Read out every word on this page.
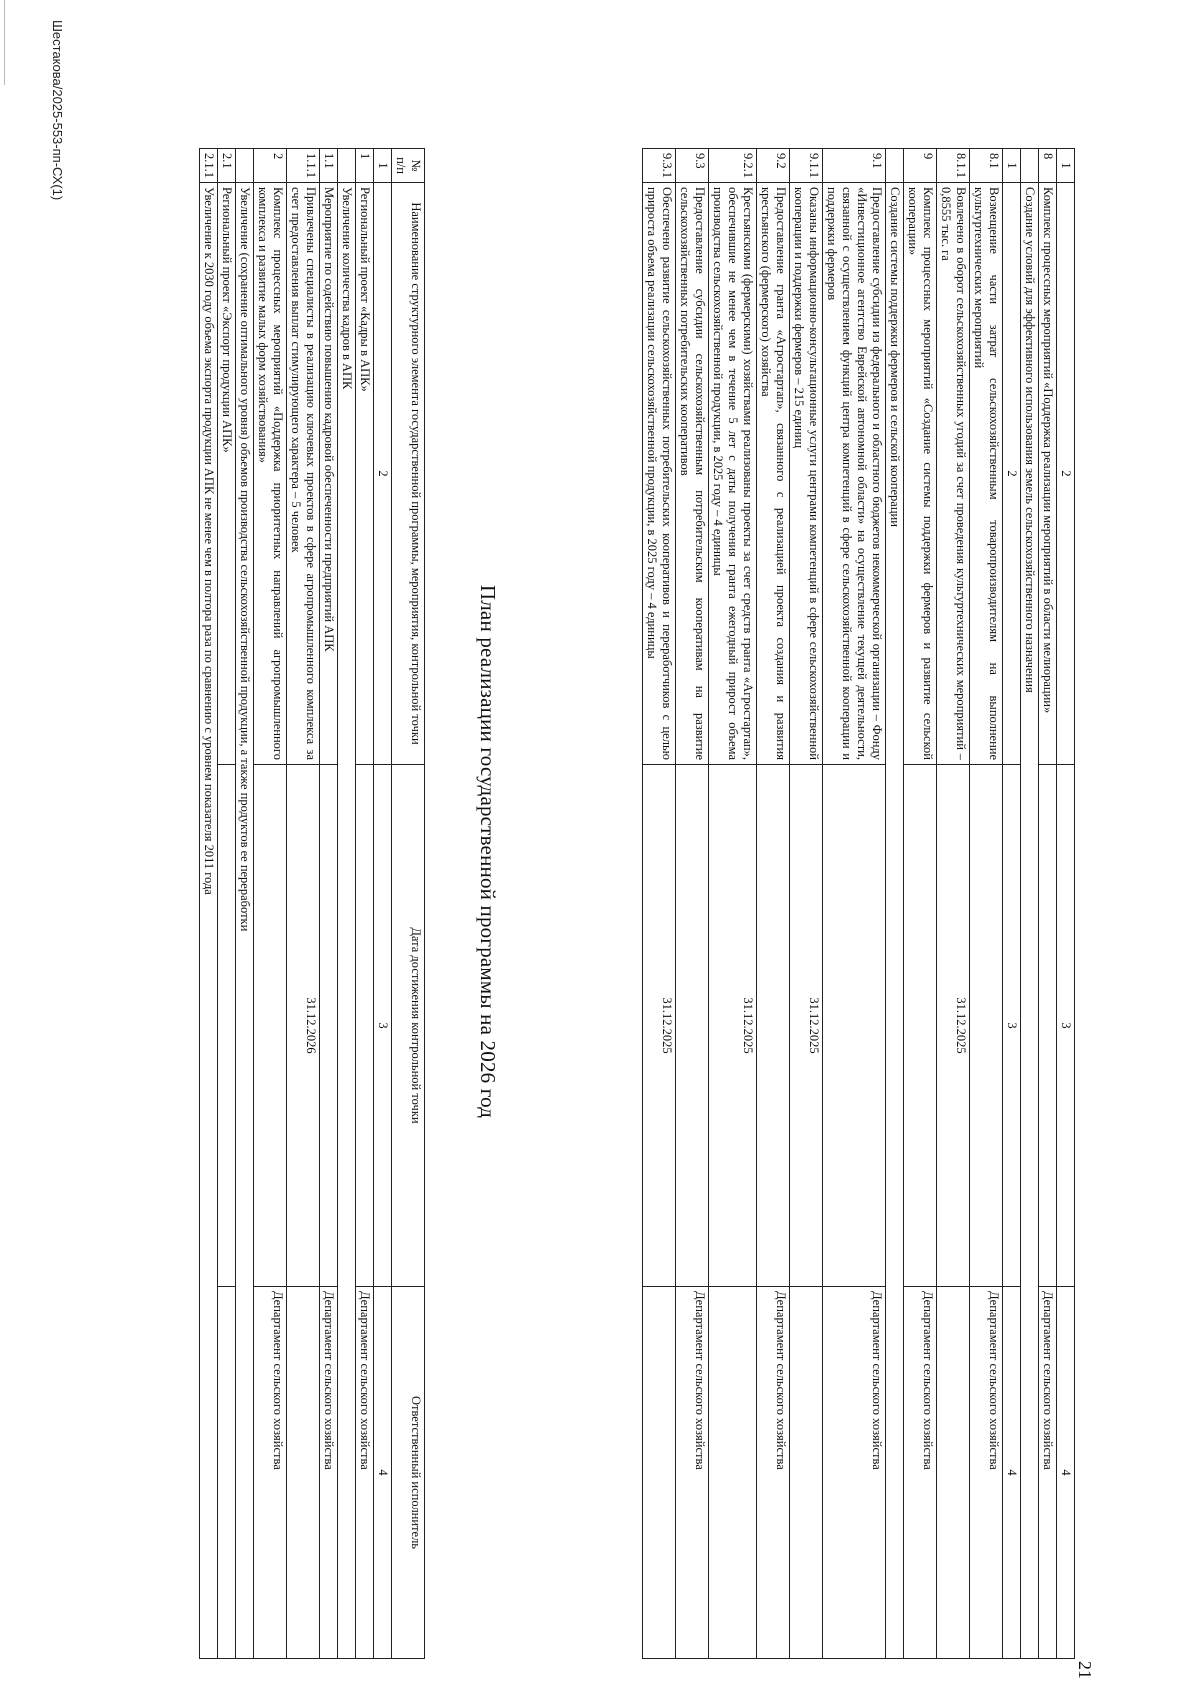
21
1	2	3	4
8	Комплекс процессных мероприятий «Поддержка реализации мероприятий в области мелиорации»		Департамент сельского хозяйства
	Создание условий для эффективного использования земель сельскохозяйственного назначения		
1	2	3	4
8.1	Возмещение части затрат сельскохозяйственным товаропроизводителям на выполнение культуртехнических мероприятий		Департамент сельского хозяйства
8.1.1	Вовлечено в оборот сельскохозяйственных угодий за счет проведения культуртехнических мероприятий – 0,8555 тыс. га	31.12.2025	
9	Комплекс процессных мероприятий «Создание системы поддержки фермеров и развитие сельской кооперации»		Департамент сельского хозяйства
	Создание системы поддержки фермеров и сельской кооперации		
9.1	Предоставление субсидии из федерального и областного бюджетов некоммерческой организации – Фонду «Инвестиционное агентство Еврейской автономной области» на осуществление текущей деятельности, связанной с осуществлением функций центра компетенций в сфере сельскохозяйственной кооперации и поддержки фермеров		Департамент сельского хозяйства
9.1.1	Оказаны информационно-консультационные услуги центрами компетенций в сфере сельскохозяйственной кооперации и поддержки фермеров – 215 единиц	31.12.2025	
9.2	Предоставление гранта «Агростартап», связанного с реализацией проекта создания и развития крестьянского (фермерского) хозяйства		Департамент сельского хозяйства
9.2.1	Крестьянскими (фермерскими) хозяйствами реализованы проекты за счет средств гранта «Агростартап», обеспечившие не менее чем в течение 5 лет с даты получения гранта ежегодный прирост объема производства сельскохозяйственной продукции, в 2025 году – 4 единицы	31.12.2025	
9.3	Предоставление субсидии сельскохозяйственным потребительским кооперативам на развитие сельскохозяйственных потребительских кооперативов		Департамент сельского хозяйства
9.3.1	Обеспечено развитие сельскохозяйственных потребительских кооперативов и переработчиков с целью прироста объема реализации сельскохозяйственной продукции, в 2025 году – 4 единицы	31.12.2025	
План реализации государственной программы на 2026 год
№ п/п	Наименование структурного элемента государственной программы, мероприятия, контрольной точки	Дата достижения контрольной точки	Ответственный исполнитель
1	2	3	4
1	Региональный проект «Кадры в АПК»		Департамент сельского хозяйства
	Увеличение количества кадров в АПК		
1.1	Мероприятие по содействию повышению кадровой обеспеченности предприятий АПК		Департамент сельского хозяйства
1.1.1	Привлечены специалисты в реализацию ключевых проектов в сфере агропромышленного комплекса за счет предоставления выплат стимулирующего характера – 5 человек	31.12.2026	
2	Комплекс процессных мероприятий «Поддержка приоритетных направлений агропромышленного комплекса и развитие малых форм хозяйствования»		Департамент сельского хозяйства
	Увеличение (сохранение оптимального уровня) объемов производства сельскохозяйственной продукции, а также продуктов ее переработки		
2.1	Региональный проект «Экспорт продукции АПК»		
2.1.1	Увеличение к 2030 году объема экспорта продукции АПК не менее чем в полтора раза по сравнению с уровнем показателя 2011 года		
Шестакова/2025-553-пп-СХ(1)
